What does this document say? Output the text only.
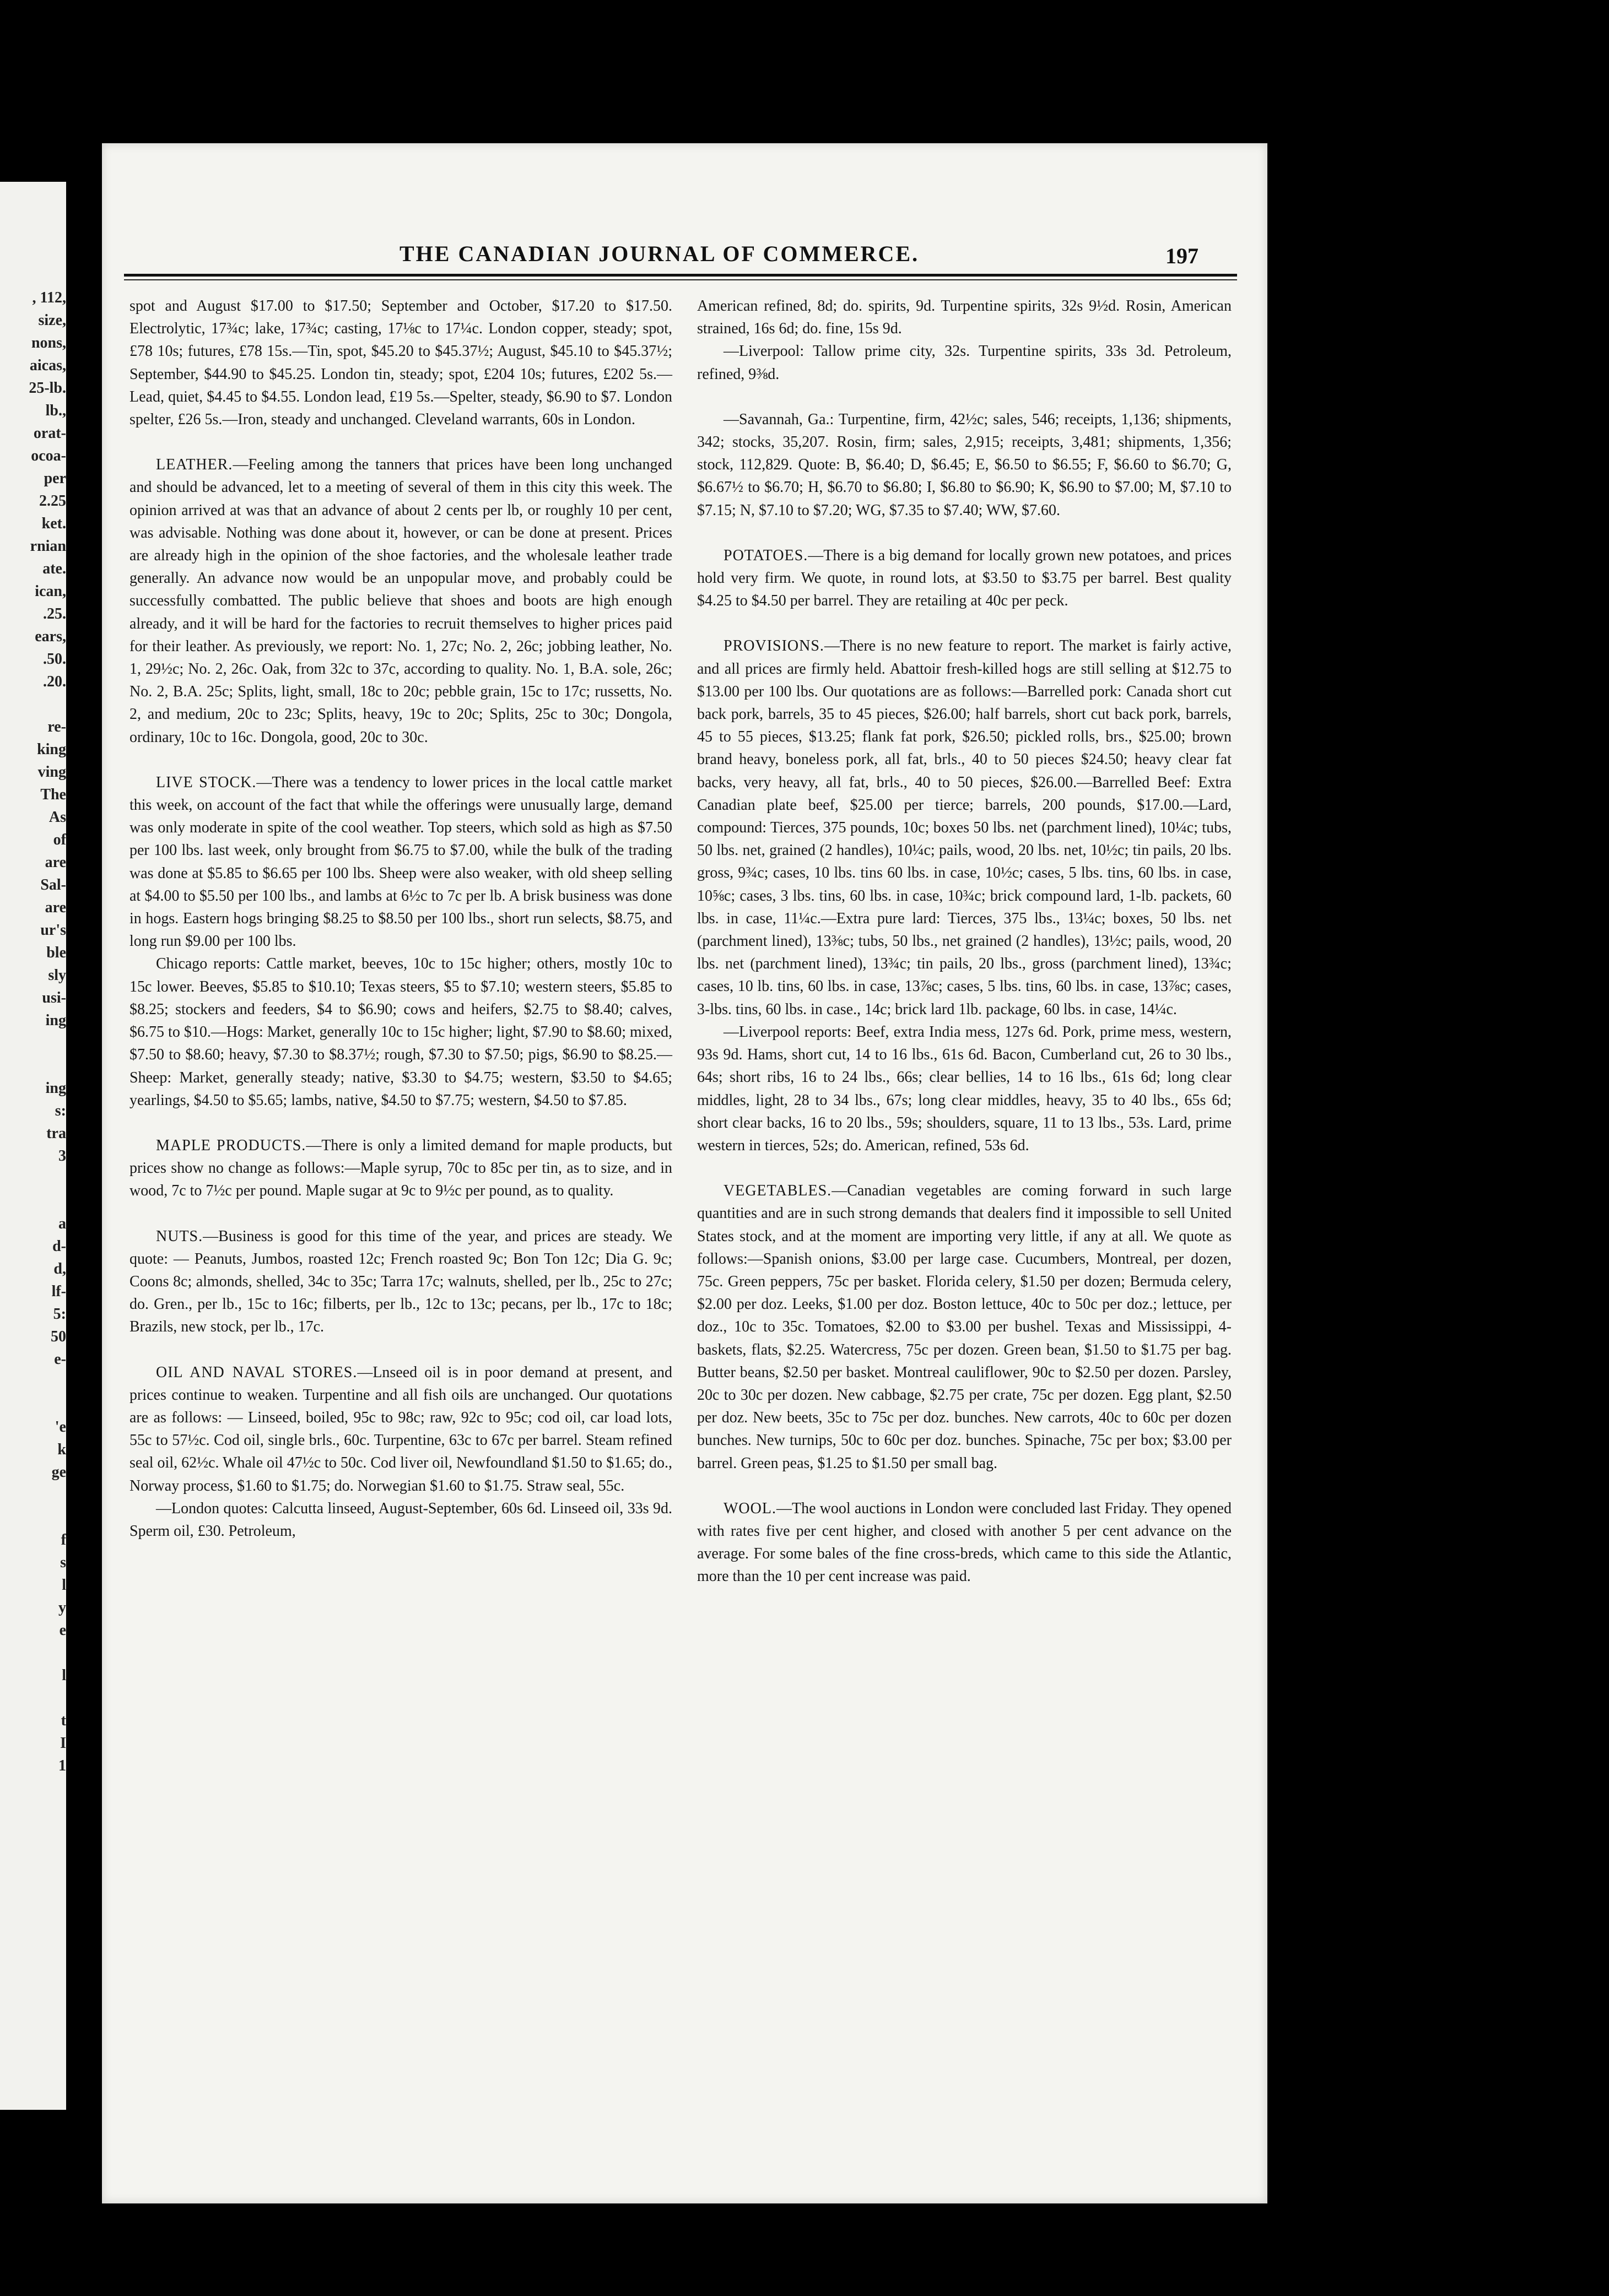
, 112,
size,
nons,
aicas,
25-lb.
lb.,
orat-
ocoa-
per
2.25
ket.
rnian
ate.
ican,
.25.
ears,
.50.
.20.

re-
king
ving
The
As
of
are
Sal-
are
ur's
ble
sly
usi-
ing

ing
s:
tra
3

a
d-
d,
lf-
5:
50
e-

'e
k
ge

f
s
l
y
e

l

t
I
1
THE CANADIAN JOURNAL OF COMMERCE.	197

spot and August $17.00 to $17.50; September and October, $17.20 to $17.50. Electrolytic, 17¾c; lake, 17¾c; casting, 17⅛c to 17¼c. London copper, steady; spot, £78 10s; futures, £78 15s.—Tin, spot, $45.20 to $45.37½; August, $45.10 to $45.37½; September, $44.90 to $45.25. London tin, steady; spot, £204 10s; futures, £202 5s.—Lead, quiet, $4.45 to $4.55. London lead, £19 5s.—Spelter, steady, $6.90 to $7. London spelter, £26 5s.—Iron, steady and unchanged. Cleveland warrants, 60s in London.

LEATHER.—Feeling among the tanners that prices have been long unchanged and should be advanced, let to a meeting of several of them in this city this week. The opinion arrived at was that an advance of about 2 cents per lb, or roughly 10 per cent, was advisable. Nothing was done about it, however, or can be done at present. Prices are already high in the opinion of the shoe factories, and the wholesale leather trade generally. An advance now would be an unpopular move, and probably could be successfully combatted. The public believe that shoes and boots are high enough already, and it will be hard for the factories to recruit themselves to higher prices paid for their leather. As previously, we report: No. 1, 27c; No. 2, 26c; jobbing leather, No. 1, 29½c; No. 2, 26c. Oak, from 32c to 37c, according to quality. No. 1, B.A. sole, 26c; No. 2, B.A. 25c; Splits, light, small, 18c to 20c; pebble grain, 15c to 17c; russetts, No. 2, and medium, 20c to 23c; Splits, heavy, 19c to 20c; Splits, 25c to 30c; Dongola, ordinary, 10c to 16c. Dongola, good, 20c to 30c.

LIVE STOCK.—There was a tendency to lower prices in the local cattle market this week, on account of the fact that while the offerings were unusually large, demand was only moderate in spite of the cool weather. Top steers, which sold as high as $7.50 per 100 lbs. last week, only brought from $6.75 to $7.00, while the bulk of the trading was done at $5.85 to $6.65 per 100 lbs. Sheep were also weaker, with old sheep selling at $4.00 to $5.50 per 100 lbs., and lambs at 6½c to 7c per lb. A brisk business was done in hogs. Eastern hogs bringing $8.25 to $8.50 per 100 lbs., short run selects, $8.75, and long run $9.00 per 100 lbs.

Chicago reports: Cattle market, beeves, 10c to 15c higher; others, mostly 10c to 15c lower. Beeves, $5.85 to $10.10; Texas steers, $5 to $7.10; western steers, $5.85 to $8.25; stockers and feeders, $4 to $6.90; cows and heifers, $2.75 to $8.40; calves, $6.75 to $10.—Hogs: Market, generally 10c to 15c higher; light, $7.90 to $8.60; mixed, $7.50 to $8.60; heavy, $7.30 to $8.37½; rough, $7.30 to $7.50; pigs, $6.90 to $8.25.—Sheep: Market, generally steady; native, $3.30 to $4.75; western, $3.50 to $4.65; yearlings, $4.50 to $5.65; lambs, native, $4.50 to $7.75; western, $4.50 to $7.85.

MAPLE PRODUCTS.—There is only a limited demand for maple products, but prices show no change as follows:—Maple syrup, 70c to 85c per tin, as to size, and in wood, 7c to 7½c per pound. Maple sugar at 9c to 9½c per pound, as to quality.

NUTS.—Business is good for this time of the year, and prices are steady. We quote: — Peanuts, Jumbos, roasted 12c; French roasted 9c; Bon Ton 12c; Dia G. 9c; Coons 8c; almonds, shelled, 34c to 35c; Tarra 17c; walnuts, shelled, per lb., 25c to 27c; do. Gren., per lb., 15c to 16c; filberts, per lb., 12c to 13c; pecans, per lb., 17c to 18c; Brazils, new stock, per lb., 17c.

OIL AND NAVAL STORES.—Lnseed oil is in poor demand at present, and prices continue to weaken. Turpentine and all fish oils are unchanged. Our quotations are as follows: — Linseed, boiled, 95c to 98c; raw, 92c to 95c; cod oil, car load lots, 55c to 57½c. Cod oil, single brls., 60c. Turpentine, 63c to 67c per barrel. Steam refined seal oil, 62½c. Whale oil 47½c to 50c. Cod liver oil, Newfoundland $1.50 to $1.65; do., Norway process, $1.60 to $1.75; do. Norwegian $1.60 to $1.75. Straw seal, 55c.

—London quotes: Calcutta linseed, August-September, 60s 6d. Linseed oil, 33s 9d. Sperm oil, £30. Petroleum,

American refined, 8d; do. spirits, 9d. Turpentine spirits, 32s 9½d. Rosin, American strained, 16s 6d; do. fine, 15s 9d.

—Liverpool: Tallow prime city, 32s. Turpentine spirits, 33s 3d. Petroleum, refined, 9⅜d.

—Savannah, Ga.: Turpentine, firm, 42½c; sales, 546; receipts, 1,136; shipments, 342; stocks, 35,207. Rosin, firm; sales, 2,915; receipts, 3,481; shipments, 1,356; stock, 112,829. Quote: B, $6.40; D, $6.45; E, $6.50 to $6.55; F, $6.60 to $6.70; G, $6.67½ to $6.70; H, $6.70 to $6.80; I, $6.80 to $6.90; K, $6.90 to $7.00; M, $7.10 to $7.15; N, $7.10 to $7.20; WG, $7.35 to $7.40; WW, $7.60.

POTATOES.—There is a big demand for locally grown new potatoes, and prices hold very firm. We quote, in round lots, at $3.50 to $3.75 per barrel. Best quality $4.25 to $4.50 per barrel. They are retailing at 40c per peck.

PROVISIONS.—There is no new feature to report. The market is fairly active, and all prices are firmly held. Abattoir fresh-killed hogs are still selling at $12.75 to $13.00 per 100 lbs. Our quotations are as follows:—Barrelled pork: Canada short cut back pork, barrels, 35 to 45 pieces, $26.00; half barrels, short cut back pork, barrels, 45 to 55 pieces, $13.25; flank fat pork, $26.50; pickled rolls, brs., $25.00; brown brand heavy, boneless pork, all fat, brls., 40 to 50 pieces $24.50; heavy clear fat backs, very heavy, all fat, brls., 40 to 50 pieces, $26.00.—Barrelled Beef: Extra Canadian plate beef, $25.00 per tierce; barrels, 200 pounds, $17.00.—Lard, compound: Tierces, 375 pounds, 10c; boxes 50 lbs. net (parchment lined), 10¼c; tubs, 50 lbs. net, grained (2 handles), 10¼c; pails, wood, 20 lbs. net, 10½c; tin pails, 20 lbs. gross, 9¾c; cases, 10 lbs. tins 60 lbs. in case, 10½c; cases, 5 lbs. tins, 60 lbs. in case, 10⅝c; cases, 3 lbs. tins, 60 lbs. in case, 10¾c; brick compound lard, 1-lb. packets, 60 lbs. in case, 11¼c.—Extra pure lard: Tierces, 375 lbs., 13¼c; boxes, 50 lbs. net (parchment lined), 13⅜c; tubs, 50 lbs., net grained (2 handles), 13½c; pails, wood, 20 lbs. net (parchment lined), 13¾c; tin pails, 20 lbs., gross (parchment lined), 13¾c; cases, 10 lb. tins, 60 lbs. in case, 13⅞c; cases, 5 lbs. tins, 60 lbs. in case, 13⅞c; cases, 3-lbs. tins, 60 lbs. in case., 14c; brick lard 1lb. package, 60 lbs. in case, 14¼c.

—Liverpool reports: Beef, extra India mess, 127s 6d. Pork, prime mess, western, 93s 9d. Hams, short cut, 14 to 16 lbs., 61s 6d. Bacon, Cumberland cut, 26 to 30 lbs., 64s; short ribs, 16 to 24 lbs., 66s; clear bellies, 14 to 16 lbs., 61s 6d; long clear middles, light, 28 to 34 lbs., 67s; long clear middles, heavy, 35 to 40 lbs., 65s 6d; short clear backs, 16 to 20 lbs., 59s; shoulders, square, 11 to 13 lbs., 53s. Lard, prime western in tierces, 52s; do. American, refined, 53s 6d.

VEGETABLES.—Canadian vegetables are coming forward in such large quantities and are in such strong demands that dealers find it impossible to sell United States stock, and at the moment are importing very little, if any at all. We quote as follows:—Spanish onions, $3.00 per large case. Cucumbers, Montreal, per dozen, 75c. Green peppers, 75c per basket. Florida celery, $1.50 per dozen; Bermuda celery, $2.00 per doz. Leeks, $1.00 per doz. Boston lettuce, 40c to 50c per doz.; lettuce, per doz., 10c to 35c. Tomatoes, $2.00 to $3.00 per bushel. Texas and Mississippi, 4-baskets, flats, $2.25. Watercress, 75c per dozen. Green bean, $1.50 to $1.75 per bag. Butter beans, $2.50 per basket. Montreal cauliflower, 90c to $2.50 per dozen. Parsley, 20c to 30c per dozen. New cabbage, $2.75 per crate, 75c per dozen. Egg plant, $2.50 per doz. New beets, 35c to 75c per doz. bunches. New carrots, 40c to 60c per dozen bunches. New turnips, 50c to 60c per doz. bunches. Spinache, 75c per box; $3.00 per barrel. Green peas, $1.25 to $1.50 per small bag.

WOOL.—The wool auctions in London were concluded last Friday. They opened with rates five per cent higher, and closed with another 5 per cent advance on the average. For some bales of the fine cross-breds, which came to this side the Atlantic, more than the 10 per cent increase was paid.
